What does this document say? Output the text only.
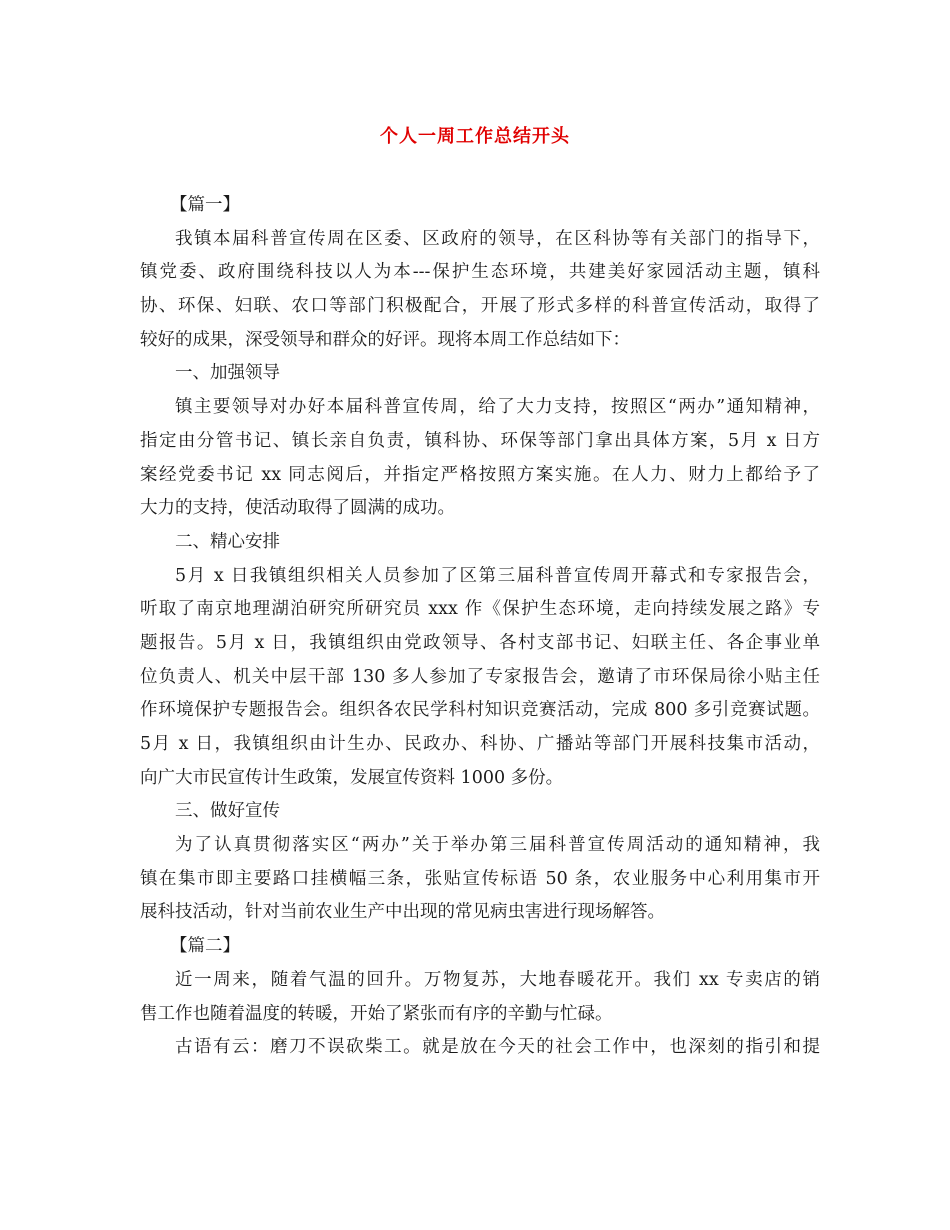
个人一周工作总结开头
【篇一】
我镇本届科普宣传周在区委、区政府的领导，在区科协等有关部门的指导下，
镇党委、政府围绕科技以人为本---保护生态环境，共建美好家园活动主题，镇科
协、环保、妇联、农口等部门积极配合，开展了形式多样的科普宣传活动，取得了
较好的成果，深受领导和群众的好评。现将本周工作总结如下：
一、加强领导
镇主要领导对办好本届科普宣传周，给了大力支持，按照区“两办”通知精神，
指定由分管书记、镇长亲自负责，镇科协、环保等部门拿出具体方案，5月 x 日方
案经党委书记 xx 同志阅后，并指定严格按照方案实施。在人力、财力上都给予了
大力的支持，使活动取得了圆满的成功。
二、精心安排
5月 x 日我镇组织相关人员参加了区第三届科普宣传周开幕式和专家报告会，
听取了南京地理湖泊研究所研究员 xxx 作《保护生态环境，走向持续发展之路》专
题报告。5月 x 日，我镇组织由党政领导、各村支部书记、妇联主任、各企事业单
位负责人、机关中层干部 130 多人参加了专家报告会，邀请了市环保局徐小贴主任
作环境保护专题报告会。组织各农民学科村知识竞赛活动，完成 800 多引竞赛试题。
5月 x 日，我镇组织由计生办、民政办、科协、广播站等部门开展科技集市活动，
向广大市民宣传计生政策，发展宣传资料 1000 多份。
三、做好宣传
为了认真贯彻落实区“两办”关于举办第三届科普宣传周活动的通知精神，我
镇在集市即主要路口挂横幅三条，张贴宣传标语 50 条，农业服务中心利用集市开
展科技活动，针对当前农业生产中出现的常见病虫害进行现场解答。
【篇二】
近一周来，随着气温的回升。万物复苏，大地春暖花开。我们 xx 专卖店的销
售工作也随着温度的转暖，开始了紧张而有序的辛勤与忙碌。
古语有云：磨刀不误砍柴工。就是放在今天的社会工作中，也深刻的指引和提
